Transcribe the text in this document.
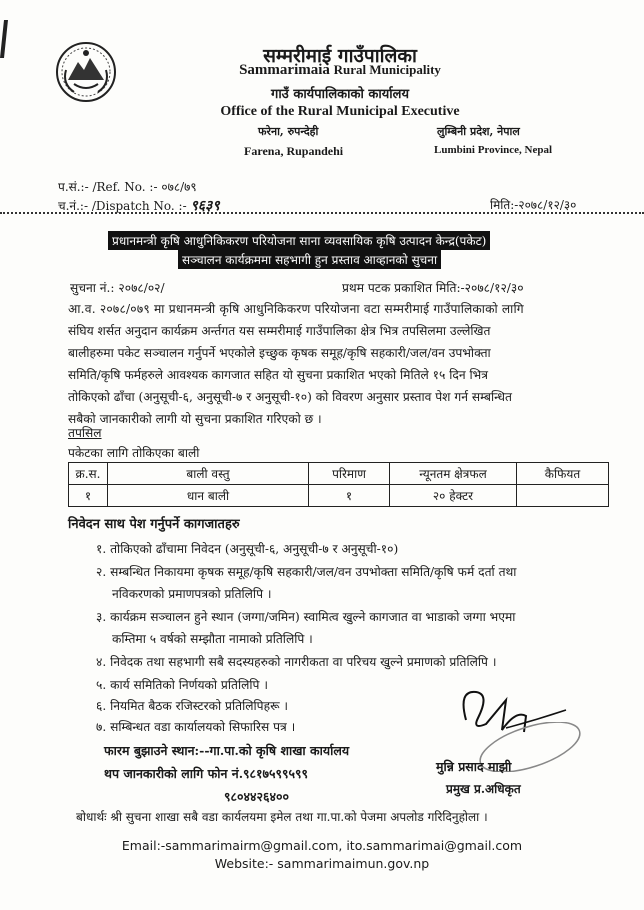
सम्मरीमाई गाउँपालिका
Sammarimaia Rural Municipality
गाउँ कार्यपालिकाको कार्यालय
Office of the Rural Municipal Executive
फरेना, रुपन्देही	लुम्बिनी प्रदेश, नेपाल
Farena, Rupandehi	Lumbini Province, Nepal
प.सं.:- /Ref. No. :- ०७८/७९
च.नं.:- /Dispatch No. :- ९६३९	मिति:-२०७८/१२/३०
प्रधानमन्त्री कृषि आधुनिकिकरण परियोजना साना व्यवसायिक कृषि उत्पादन केन्द्र(पकेट)
सञ्चालन कार्यक्रममा सहभागी हुन प्रस्ताव आव्हानको सुचना
सुचना नं.: २०७८/०२/	प्रथम पटक प्रकाशित मिति:-२०७८/१२/३०
आ.व. २०७८/०७९ मा प्रधानमन्त्री कृषि आधुनिकिकरण परियोजना वटा सम्मरीमाई गाउँपालिकाको लागि
संघिय शर्सत अनुदान कार्यक्रम अर्न्तगत यस सम्मरीमाई गाउँपालिका क्षेत्र भित्र तपसिलमा उल्लेखित
बालीहरुमा पकेट सञ्चालन गर्नुपर्ने भएकोले इच्छुक कृषक समूह/कृषि सहकारी/जल/वन उपभोक्ता
समिति/कृषि फर्महरुले आवश्यक कागजात सहित यो सुचना प्रकाशित भएको मितिले १५ दिन भित्र
तोकिएको ढाँचा (अनुसूची-६, अनुसूची-७ र अनुसूची-१०) को विवरण अनुसार प्रस्ताव पेश गर्न सम्बन्धित
सबैको जानकारीको लागी यो सुचना प्रकाशित गरिएको छ ।
तपसिल
पकेटका लागि तोकिएका बाली
क्र.स.	बाली वस्तु	परिमाण	न्यूनतम क्षेत्रफल	कैफियत
१	धान बाली	१	२० हेक्टर	
निवेदन साथ पेश गर्नुपर्ने कागजातहरु
१. तोकिएको ढाँचामा निवेदन (अनुसूची-६, अनुसूची-७ र अनुसूची-१०)
२. सम्बन्धित निकायमा कृषक समूह/कृषि सहकारी/जल/वन उपभोक्ता समिति/कृषि फर्म दर्ता तथा
नविकरणको प्रमाणपत्रको प्रतिलिपि ।
३. कार्यक्रम सञ्चालन हुने स्थान (जग्गा/जमिन) स्वामित्व खुल्ने कागजात वा भाडाको जग्गा भएमा
कम्तिमा ५ वर्षको सम्झौता नामाको प्रतिलिपि ।
४. निवेदक तथा सहभागी सबै सदस्यहरुको नागरीकता वा परिचय खुल्ने प्रमाणको प्रतिलिपि ।
५. कार्य समितिको निर्णयको प्रतिलिपि ।
६. नियमित बैठक रजिस्टरको प्रतिलिपिहरू ।
७. सम्बिन्धत वडा कार्यालयको सिफारिस पत्र ।
फारम बुझाउने स्थान:--गा.पा.को कृषि शाखा कार्यालय
थप जानकारीको लागि फोन नं.९८१७५९९५९९
९८०४४२६४००
मुन्नि प्रसाद माझी
प्रमुख प्र.अधिकृत
बोधार्थः श्री सुचना शाखा सबै वडा कार्यलयमा इमेल तथा गा.पा.को पेजमा अपलोड गरिदिनुहोला ।
Email:-sammarimairm@gmail.com, ito.sammarimai@gmail.com
Website:- sammarimaimun.gov.np
